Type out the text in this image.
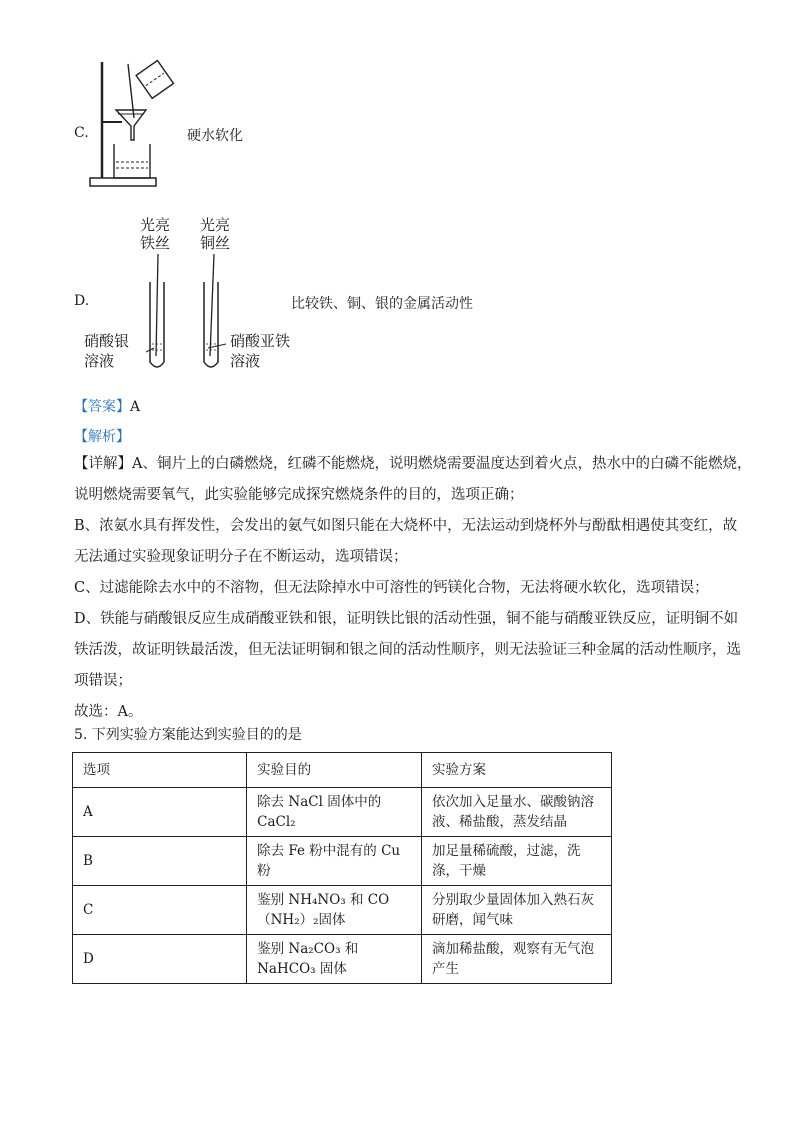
C.	硬水软化
D.
光亮
铁丝
光亮
铜丝
硝酸银
溶液
硝酸亚铁
溶液
比较铁、铜、银的金属活动性
【答案】A
【解析】
【详解】A、铜片上的白磷燃烧，红磷不能燃烧，说明燃烧需要温度达到着火点，热水中的白磷不能燃烧，
说明燃烧需要氧气，此实验能够完成探究燃烧条件的目的，选项正确；
B、浓氨水具有挥发性，会发出的氨气如图只能在大烧杯中，无法运动到烧杯外与酚酞相遇使其变红，故
无法通过实验现象证明分子在不断运动，选项错误；
C、过滤能除去水中的不溶物，但无法除掉水中可溶性的钙镁化合物，无法将硬水软化，选项错误；
D、铁能与硝酸银反应生成硝酸亚铁和银，证明铁比银的活动性强，铜不能与硝酸亚铁反应，证明铜不如
铁活泼，故证明铁最活泼，但无法证明铜和银之间的活动性顺序，则无法验证三种金属的活动性顺序，选
项错误；
故选：A。
5. 下列实验方案能达到实验目的的是
选项	实验目的	实验方案
A	除去 NaCl 固体中的 CaCl₂	依次加入足量水、碳酸钠溶液、稀盐酸，蒸发结晶
B	除去 Fe 粉中混有的 Cu 粉	加足量稀硫酸，过滤，洗涤，干燥
C	鉴别 NH₄NO₃ 和 CO（NH₂）₂固体	分别取少量固体加入熟石灰研磨，闻气味
D	鉴别 Na₂CO₃ 和 NaHCO₃ 固体	滴加稀盐酸，观察有无气泡产生
